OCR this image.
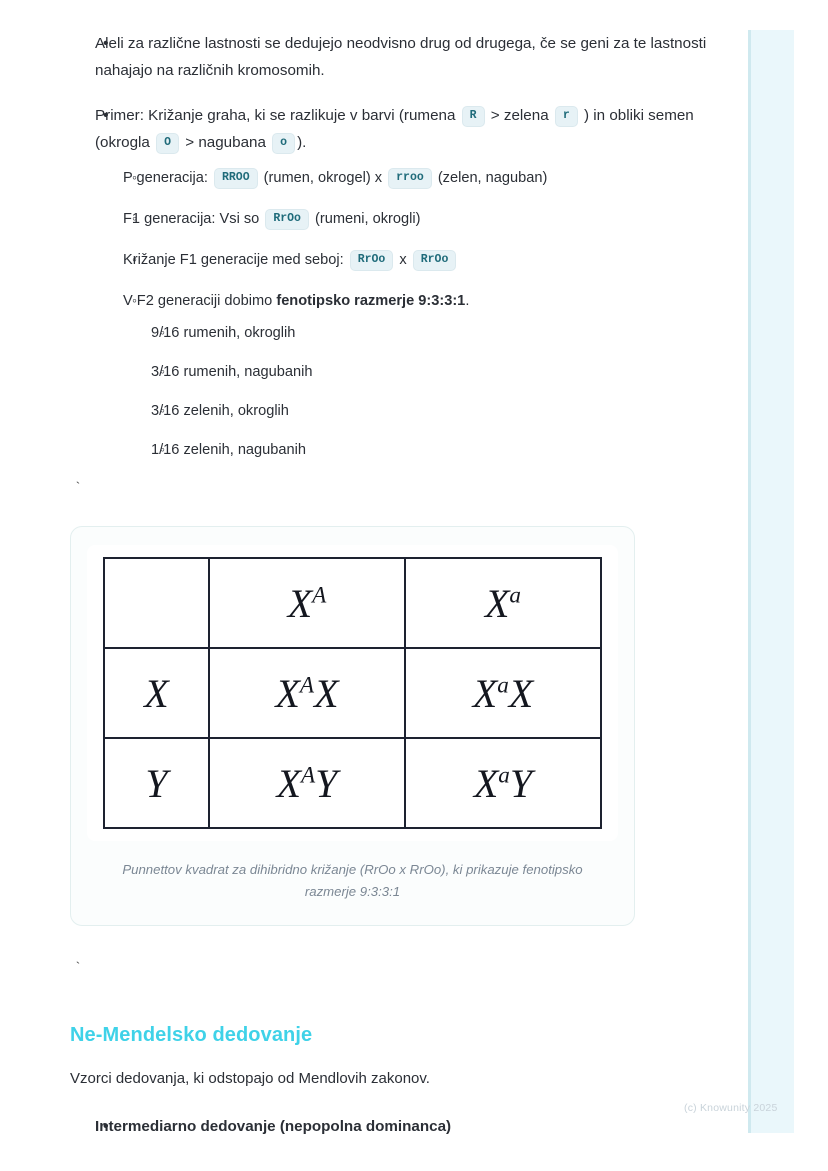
• Aleli za različne lastnosti se dedujejo neodvisno drug od drugega, če se geni za te lastnosti nahajajo na različnih kromosomih.
• Primer: Križanje graha, ki se razlikuje v barvi (rumena R > zelena r ) in obliki semen (okrogla O > nagubana o ).
◦ P generacija: RROO (rumen, okrogel) x rroo (zelen, naguban)
◦ F1 generacija: Vsi so RrOo (rumeni, okrogli)
◦ Križanje F1 generacije med seboj: RrOo x RrOo
◦ V F2 generaciji dobimo fenotipsko razmerje 9:3:3:1.
◦ 9/16 rumenih, okroglih
◦ 3/16 rumenih, nagubanih
◦ 3/16 zelenih, okroglih
◦ 1/16 zelenih, nagubanih
`
	$X^A$	$X^a$
X	$X^AX$	$X^aX$
Y	$X^AY$	$X^aY$
Punnettov kvadrat za dihibridno križanje (RrOo x RrOo), ki prikazuje fenotipsko razmerje 9:3:3:1
`
Ne-Mendelsko dedovanje

Vzorci dedovanja, ki odstopajo od Mendlovih zakonov.

• Intermediarno dedovanje (nepopolna dominanca)
(c) Knowunity 2025
